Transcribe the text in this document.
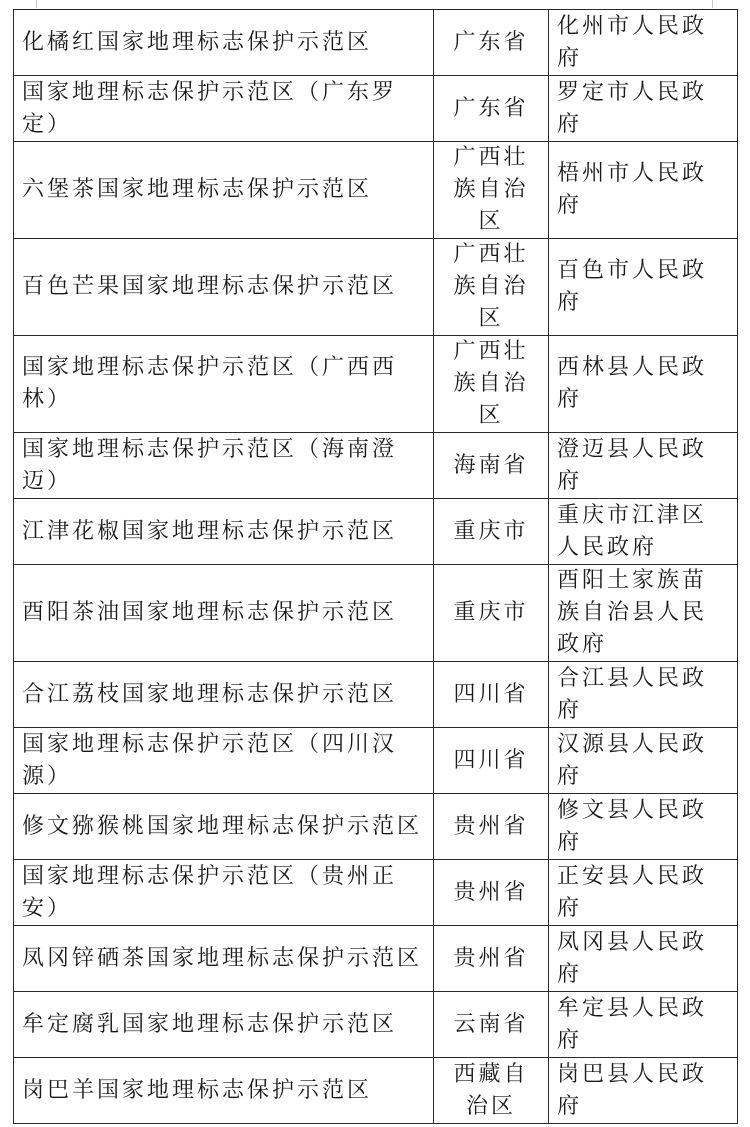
化橘红国家地理标志保护示范区	广东省	化州市人民政府
国家地理标志保护示范区（广东罗定）	广东省	罗定市人民政府
六堡茶国家地理标志保护示范区	广西壮族自治区	梧州市人民政府
百色芒果国家地理标志保护示范区	广西壮族自治区	百色市人民政府
国家地理标志保护示范区（广西西林）	广西壮族自治区	西林县人民政府
国家地理标志保护示范区（海南澄迈）	海南省	澄迈县人民政府
江津花椒国家地理标志保护示范区	重庆市	重庆市江津区人民政府
酉阳茶油国家地理标志保护示范区	重庆市	酉阳土家族苗族自治县人民政府
合江荔枝国家地理标志保护示范区	四川省	合江县人民政府
国家地理标志保护示范区（四川汉源）	四川省	汉源县人民政府
修文猕猴桃国家地理标志保护示范区	贵州省	修文县人民政府
国家地理标志保护示范区（贵州正安）	贵州省	正安县人民政府
凤冈锌硒茶国家地理标志保护示范区	贵州省	凤冈县人民政府
牟定腐乳国家地理标志保护示范区	云南省	牟定县人民政府
岗巴羊国家地理标志保护示范区	西藏自治区	岗巴县人民政府
